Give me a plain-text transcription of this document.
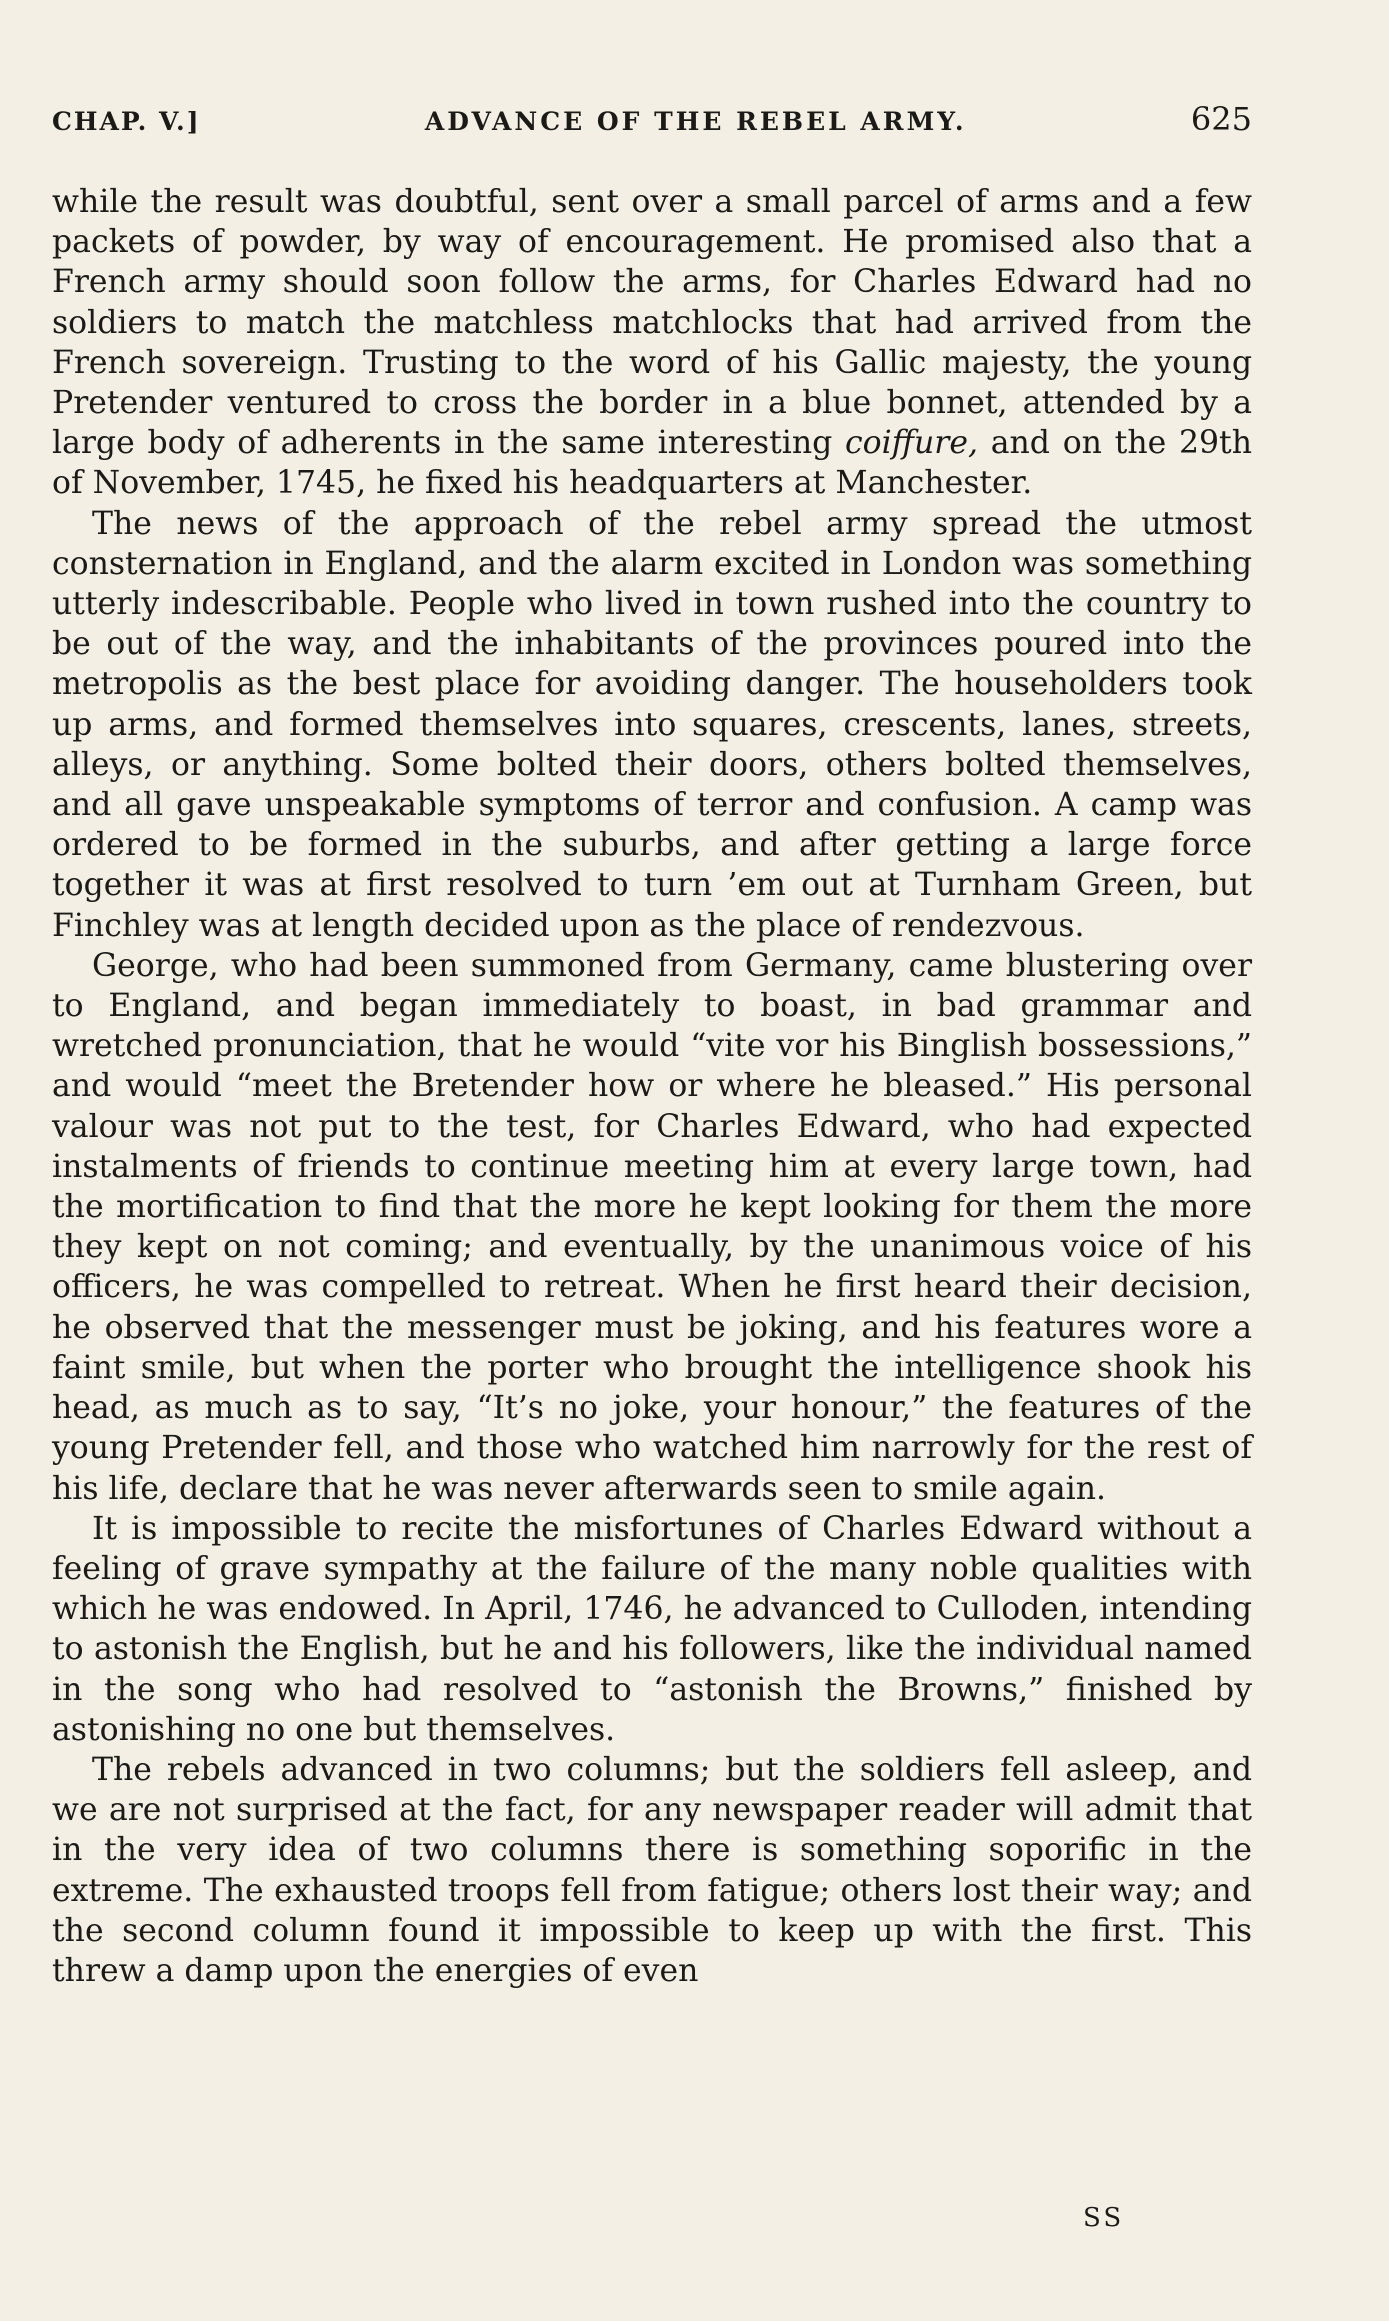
CHAP. V.]	ADVANCE OF THE REBEL ARMY.	625

while the result was doubtful, sent over a small parcel of arms and a few packets of powder, by way of encouragement. He promised also that a French army should soon follow the arms, for Charles Edward had no soldiers to match the matchless matchlocks that had arrived from the French sovereign. Trusting to the word of his Gallic majesty, the young Pretender ventured to cross the border in a blue bonnet, attended by a large body of adherents in the same interesting coiffure, and on the 29th of November, 1745, he fixed his headquarters at Manchester.

The news of the approach of the rebel army spread the utmost consternation in England, and the alarm excited in London was something utterly indescribable. People who lived in town rushed into the country to be out of the way, and the inhabitants of the provinces poured into the metropolis as the best place for avoiding danger. The householders took up arms, and formed themselves into squares, crescents, lanes, streets, alleys, or anything. Some bolted their doors, others bolted themselves, and all gave unspeakable symptoms of terror and confusion. A camp was ordered to be formed in the suburbs, and after getting a large force together it was at first resolved to turn ’em out at Turnham Green, but Finchley was at length decided upon as the place of rendezvous.

George, who had been summoned from Germany, came blustering over to England, and began immediately to boast, in bad grammar and wretched pronunciation, that he would “vite vor his Binglish bossessions,” and would “meet the Bretender how or where he bleased.” His personal valour was not put to the test, for Charles Edward, who had expected instalments of friends to continue meeting him at every large town, had the mortification to find that the more he kept looking for them the more they kept on not coming; and eventually, by the unanimous voice of his officers, he was compelled to retreat. When he first heard their decision, he observed that the messenger must be joking, and his features wore a faint smile, but when the porter who brought the intelligence shook his head, as much as to say, “It’s no joke, your honour,” the features of the young Pretender fell, and those who watched him narrowly for the rest of his life, declare that he was never afterwards seen to smile again.

It is impossible to recite the misfortunes of Charles Edward without a feeling of grave sympathy at the failure of the many noble qualities with which he was endowed. In April, 1746, he advanced to Culloden, intending to astonish the English, but he and his followers, like the individual named in the song who had resolved to “astonish the Browns,” finished by astonishing no one but themselves.

The rebels advanced in two columns; but the soldiers fell asleep, and we are not surprised at the fact, for any newspaper reader will admit that in the very idea of two columns there is something soporific in the extreme. The exhausted troops fell from fatigue; others lost their way; and the second column found it impossible to keep up with the first. This threw a damp upon the energies of even

SS
